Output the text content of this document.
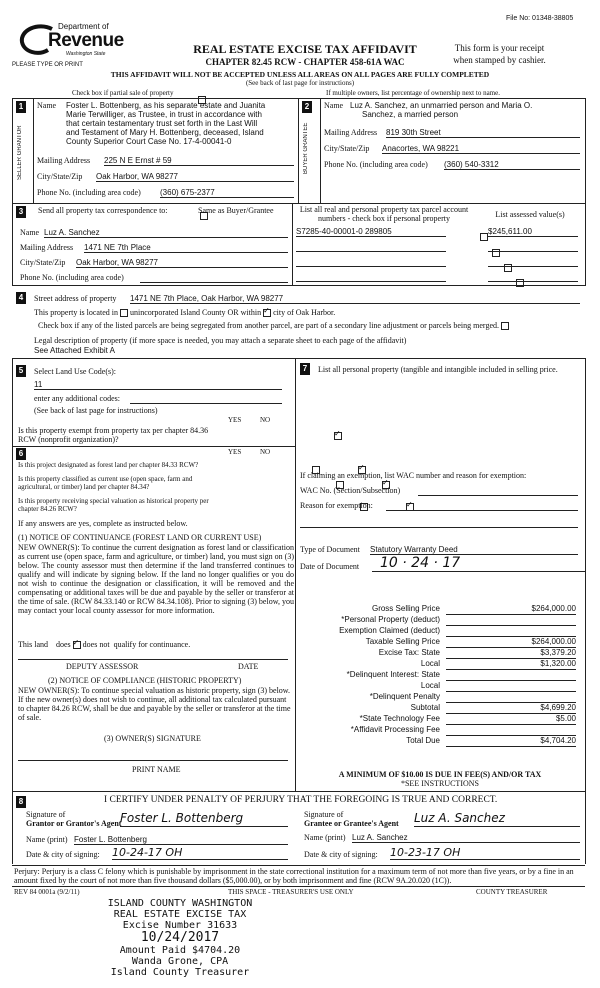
File No: 01348-38805
Department of
Revenue
Washington State
PLEASE TYPE OR PRINT
REAL ESTATE EXCISE TAX AFFIDAVIT
CHAPTER 82.45 RCW - CHAPTER 458-61A WAC
This form is your receipt
when stamped by cashier.
THIS AFFIDAVIT WILL NOT BE ACCEPTED UNLESS ALL AREAS ON ALL PAGES ARE FULLY COMPLETED
(See back of last page for instructions)
Check box if partial sale of property
	If multiple owners, list percentage of ownership next to name.
1
SELLER GRANTOR
Name Foster L. Bottenberg, as his separate estate and Juanita
Marie Terwilliger, as Trustee, in trust in accordance with
that certain testamentary trust set forth in the Last Will
and Testament of Mary H. Bottenberg, deceased, Island
County Superior Court Case No. 17-4-00041-0
Mailing Address 225 N E Ernst # 59
City/State/Zip Oak Harbor, WA 98277
Phone No. (including area code) (360) 675-2377
2
BUYER GRANTEE
Name Luz A. Sanchez, an unmarried person and Maria O.
Sanchez, a married person
Mailing Address 819 30th Street
City/State/Zip Anacortes, WA 98221
Phone No. (including area code) (360) 540-3312
3	Send all property tax correspondence to:
	Same as Buyer/Grantee
Name Luz A. Sanchez
Mailing Address 1471 NE 7th Place
City/State/Zip Oak Harbor, WA 98277
Phone No. (including area code)
List all real and personal property tax parcel account
numbers - check box if personal property	List assessed value(s)
S7285-40-00001-0 289805
	$245,611.00

4	Street address of property 1471 NE 7th Place, Oak Harbor, WA 98277
This property is located in unincorporated Island County OR within ✓ city of Oak Harbor.
Check box if any of the listed parcels are being segregated from another parcel, are part of a secondary line adjustment or parcels being merged.
Legal description of property (if more space is needed, you may attach a separate sheet to each page of the affidavit)
See Attached Exhibit A
5	Select Land Use Code(s):
11
enter any additional codes:
(See back of last page for instructions)
YES	NO
Is this property exempt from property tax per chapter 84.36 RCW (nonprofit organization)?
✓
6	YES	NO
Is this project designated as forest land per chapter 84.33 RCW?
✓
Is this property classified as current use (open space, farm and agricultural, or timber) land per chapter 84.34?
✓
Is this property receiving special valuation as historical property per chapter 84.26 RCW?
✓
If any answers are yes, complete as instructed below.
(1) NOTICE OF CONTINUANCE (FOREST LAND OR CURRENT USE)
NEW OWNER(S): To continue the current designation as forest land or classification as current use (open space, farm and agriculture, or timber) land, you must sign on (3) below. The county assessor must then determine if the land transferred continues to qualify and will indicate by signing below. If the land no longer qualifies or you do not wish to continue the designation or classification, it will be removed and the compensating or additional taxes will be due and payable by the seller or transferor at the time of sale. (RCW 84.33.140 or RCW 84.34.108). Prior to signing (3) below, you may contact your local county assessor for more information.
This land does ✓ does not qualify for continuance.
DEPUTY ASSESSOR	DATE
(2) NOTICE OF COMPLIANCE (HISTORIC PROPERTY)
NEW OWNER(S): To continue special valuation as historic property, sign (3) below. If the new owner(s) does not wish to continue, all additional tax calculated pursuant to chapter 84.26 RCW, shall be due and payable by the seller or transferor at the time of sale.
(3) OWNER(S) SIGNATURE
PRINT NAME
7	List all personal property (tangible and intangible included in selling price.
If claiming an exemption, list WAC number and reason for exemption:
WAC No. (Section/Subsection)
Reason for exemption:
Type of Document Statutory Warranty Deed
Date of Document	10 · 24 · 17
Gross Selling Price	$264,000.00
*Personal Property (deduct)
Exemption Claimed (deduct)
Taxable Selling Price	$264,000.00
Excise Tax: State	$3,379.20
Local	$1,320.00
*Delinquent Interest: State
Local
*Delinquent Penalty
Subtotal	$4,699.20
*State Technology Fee	$5.00
*Affidavit Processing Fee
Total Due	$4,704.20
A MINIMUM OF $10.00 IS DUE IN FEE(S) AND/OR TAX
*SEE INSTRUCTIONS
8	I CERTIFY UNDER PENALTY OF PERJURY THAT THE FOREGOING IS TRUE AND CORRECT.
Signature of
Grantor or Grantor's Agent
Foster L. Bottenberg
Name (print) Foster L. Bottenberg
Date & city of signing: 10-24-17 OH
Signature of
Grantee or Grantee's Agent Luz A. Sanchez
Name (print) Luz A. Sanchez
Date & city of signing: 10-23-17 OH
Perjury: Perjury is a class C felony which is punishable by imprisonment in the state correctional institution for a maximum term of not more than five years, or by a fine in an amount fixed by the court of not more than five thousand dollars ($5,000.00), or by both imprisonment and fine (RCW 9A.20.020 (1C)).
REV 84 0001a (9/2/11)	THIS SPACE - TREASURER'S USE ONLY	COUNTY TREASURER
ISLAND COUNTY WASHINGTON
REAL ESTATE EXCISE TAX
Excise Number 31633
10/24/2017
Amount Paid $4704.20
Wanda Grone, CPA
Island County Treasurer
